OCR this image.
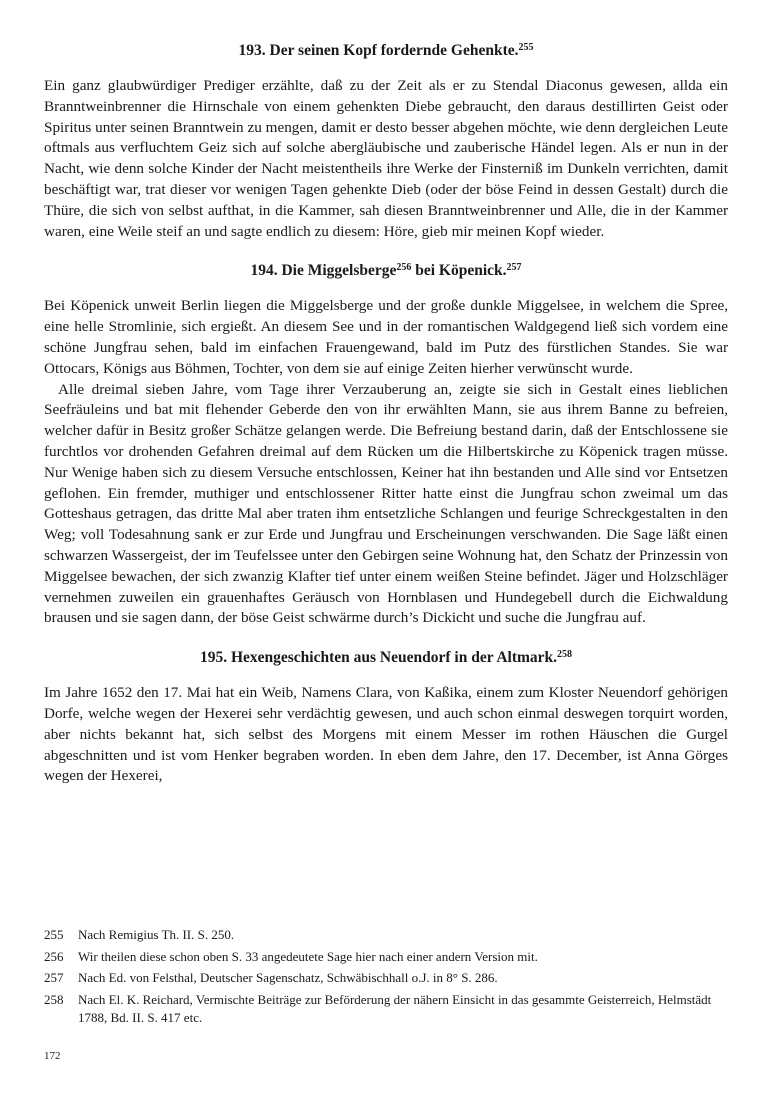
193. Der seinen Kopf fordernde Gehenkte.$^{255}$

Ein ganz glaubwürdiger Prediger erzählte, daß zu der Zeit als er zu Stendal Diaconus gewesen, allda ein Branntweinbrenner die Hirnschale von einem gehenkten Diebe gebraucht, den daraus destillirten Geist oder Spiritus unter seinen Branntwein zu mengen, damit er desto besser abgehen möchte, wie denn dergleichen Leute oftmals aus verfluchtem Geiz sich auf solche abergläubische und zauberische Händel legen. Als er nun in der Nacht, wie denn solche Kinder der Nacht meistentheils ihre Werke der Finsterniß im Dunkeln verrichten, damit beschäftigt war, trat dieser vor wenigen Tagen gehenkte Dieb (oder der böse Feind in dessen Gestalt) durch die Thüre, die sich von selbst aufthat, in die Kammer, sah diesen Branntweinbrenner und Alle, die in der Kammer waren, eine Weile steif an und sagte endlich zu diesem: Höre, gieb mir meinen Kopf wieder.

194. Die Miggelsberge$^{256}$ bei Köpenick.$^{257}$

Bei Köpenick unweit Berlin liegen die Miggelsberge und der große dunkle Miggelsee, in welchem die Spree, eine helle Stromlinie, sich ergießt. An diesem See und in der romantischen Waldgegend ließ sich vordem eine schöne Jungfrau sehen, bald im einfachen Frauengewand, bald im Putz des fürstlichen Standes. Sie war Ottocars, Königs aus Böhmen, Tochter, von dem sie auf einige Zeiten hierher verwünscht wurde.

Alle dreimal sieben Jahre, vom Tage ihrer Verzauberung an, zeigte sie sich in Gestalt eines lieblichen Seefräuleins und bat mit flehender Geberde den von ihr erwählten Mann, sie aus ihrem Banne zu befreien, welcher dafür in Besitz großer Schätze gelangen werde. Die Befreiung bestand darin, daß der Entschlossene sie furchtlos vor drohenden Gefahren dreimal auf dem Rücken um die Hilbertskirche zu Köpenick tragen müsse. Nur Wenige haben sich zu diesem Versuche entschlossen, Keiner hat ihn bestanden und Alle sind vor Entsetzen geflohen. Ein fremder, muthiger und entschlossener Ritter hatte einst die Jungfrau schon zweimal um das Gotteshaus getragen, das dritte Mal aber traten ihm entsetzliche Schlangen und feurige Schreckgestalten in den Weg; voll Todesahnung sank er zur Erde und Jungfrau und Erscheinungen verschwanden. Die Sage läßt einen schwarzen Wassergeist, der im Teufelssee unter den Gebirgen seine Wohnung hat, den Schatz der Prinzessin von Miggelsee bewachen, der sich zwanzig Klafter tief unter einem weißen Steine befindet. Jäger und Holzschläger vernehmen zuweilen ein grauenhaftes Geräusch von Hornblasen und Hundegebell durch die Eichwaldung brausen und sie sagen dann, der böse Geist schwärme durch’s Dickicht und suche die Jungfrau auf.

195. Hexengeschichten aus Neuendorf in der Altmark.$^{258}$

Im Jahre 1652 den 17. Mai hat ein Weib, Namens Clara, von Kaßika, einem zum Kloster Neuendorf gehörigen Dorfe, welche wegen der Hexerei sehr verdächtig gewesen, und auch schon einmal deswegen torquirt worden, aber nichts bekannt hat, sich selbst des Morgens mit einem Messer im rothen Häuschen die Gurgel abgeschnitten und ist vom Henker begraben worden. In eben dem Jahre, den 17. December, ist Anna Görges wegen der Hexerei,

255	Nach Remigius Th. II. S. 250.
256	Wir theilen diese schon oben S. 33 angedeutete Sage hier nach einer andern Version mit.
257	Nach Ed. von Felsthal, Deutscher Sagenschatz, Schwäbischhall o.J. in 8° S. 286.
258	Nach El. K. Reichard, Vermischte Beiträge zur Beförderung der nähern Einsicht in das gesammte Geisterreich, Helmstädt 1788, Bd. II. S. 417 etc.
172
